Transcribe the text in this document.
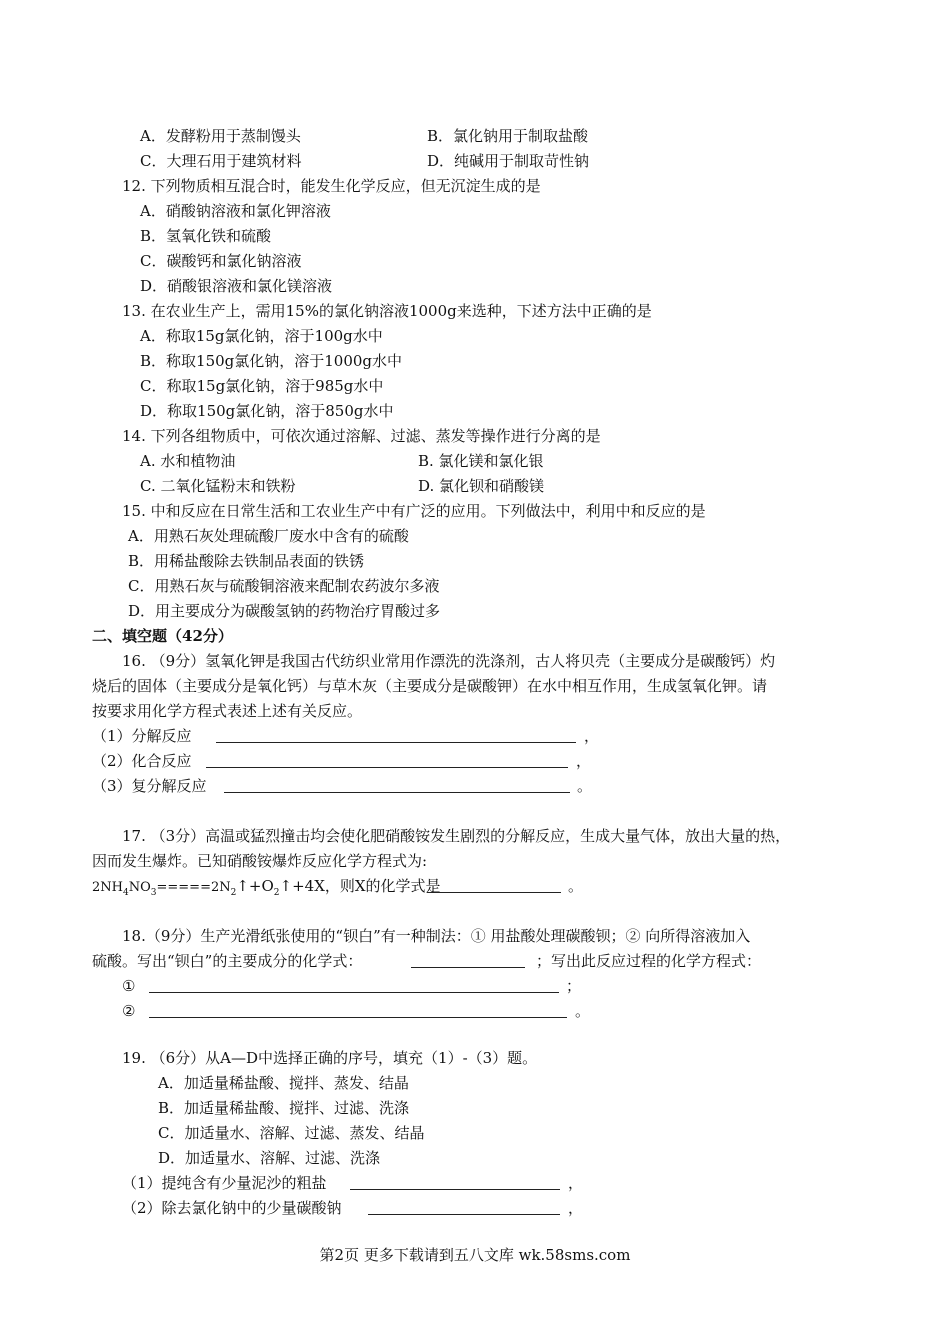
A．发酵粉用于蒸制馒头	B．氯化钠用于制取盐酸
C．大理石用于建筑材料	D．纯碱用于制取苛性钠
12. 下列物质相互混合时，能发生化学反应，但无沉淀生成的是
A．硝酸钠溶液和氯化钾溶液
B．氢氧化铁和硫酸
C．碳酸钙和氯化钠溶液
D．硝酸银溶液和氯化镁溶液
13. 在农业生产上，需用15%的氯化钠溶液1000g来选种，下述方法中正确的是
A．称取15g氯化钠，溶于100g水中
B．称取150g氯化钠，溶于1000g水中
C．称取15g氯化钠，溶于985g水中
D．称取150g氯化钠，溶于850g水中
14. 下列各组物质中，可依次通过溶解、过滤、蒸发等操作进行分离的是
A. 水和植物油	B. 氯化镁和氯化银
C. 二氧化锰粉末和铁粉	D. 氯化钡和硝酸镁
15. 中和反应在日常生活和工农业生产中有广泛的应用。下列做法中，利用中和反应的是
A．用熟石灰处理硫酸厂废水中含有的硫酸
B．用稀盐酸除去铁制品表面的铁锈
C．用熟石灰与硫酸铜溶液来配制农药波尔多液
D．用主要成分为碳酸氢钠的药物治疗胃酸过多
二、填空题（42分）
16. （9分）氢氧化钾是我国古代纺织业常用作漂洗的洗涤剂，古人将贝壳（主要成分是碳酸钙）灼
烧后的固体（主要成分是氧化钙）与草木灰（主要成分是碳酸钾）在水中相互作用，生成氢氧化钾。请
按要求用化学方程式表述上述有关反应。
（1）分解反应	，
（2）化合反应	，
（3）复分解反应	。
17. （3分）高温或猛烈撞击均会使化肥硝酸铵发生剧烈的分解反应，生成大量气体，放出大量的热，
因而发生爆炸。已知硝酸铵爆炸反应化学方程式为:
$2NH_4NO_3=====2N_2↑+O_2↑+4X$，则X的化学式是	。
18.（9分）生产光滑纸张使用的“钡白”有一种制法：① 用盐酸处理碳酸钡；② 向所得溶液加入
硫酸。写出“钡白”的主要成分的化学式：	；写出此反应过程的化学方程式：
①	；
②	。
19. （6分）从A—D中选择正确的序号，填充（1）-（3）题。
A．加适量稀盐酸、搅拌、蒸发、结晶
B．加适量稀盐酸、搅拌、过滤、洗涤
C．加适量水、溶解、过滤、蒸发、结晶
D．加适量水、溶解、过滤、洗涤
（1）提纯含有少量泥沙的粗盐	，
（2）除去氯化钠中的少量碳酸钠	，
第2页 更多下载请到五八文库 wk.58sms.com
